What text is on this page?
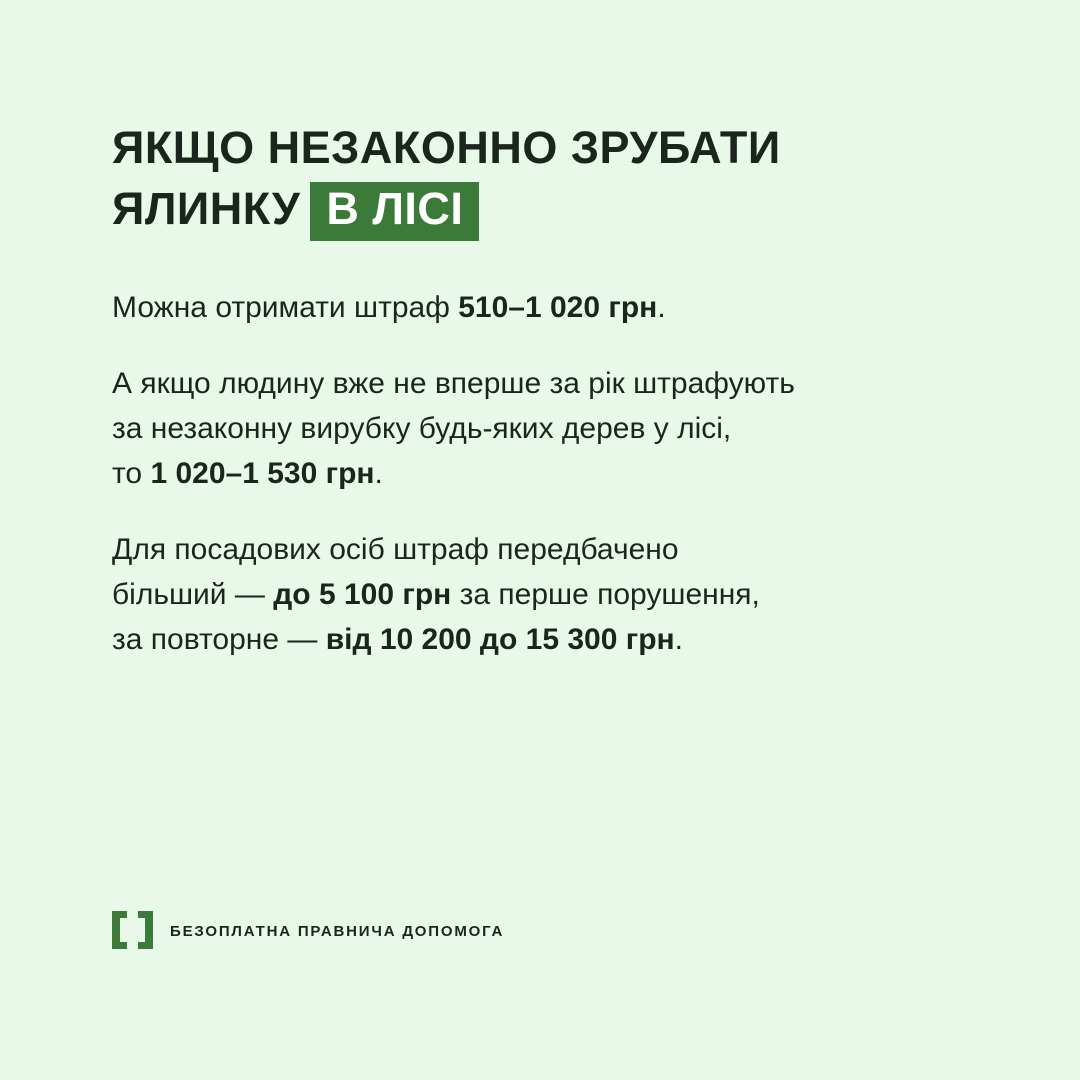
ЯКЩО НЕЗАКОННО ЗРУБАТИ
ЯЛИНКУ В ЛІСІ

Можна отримати штраф 510–1 020 грн.

А якщо людину вже не вперше за рік штрафують
за незаконну вирубку будь-яких дерев у лісі,
то 1 020–1 530 грн.

Для посадових осіб штраф передбачено
більший — до 5 100 грн за перше порушення,
за повторне — від 10 200 до 15 300 грн.

БЕЗОПЛАТНА ПРАВНИЧА ДОПОМОГА
